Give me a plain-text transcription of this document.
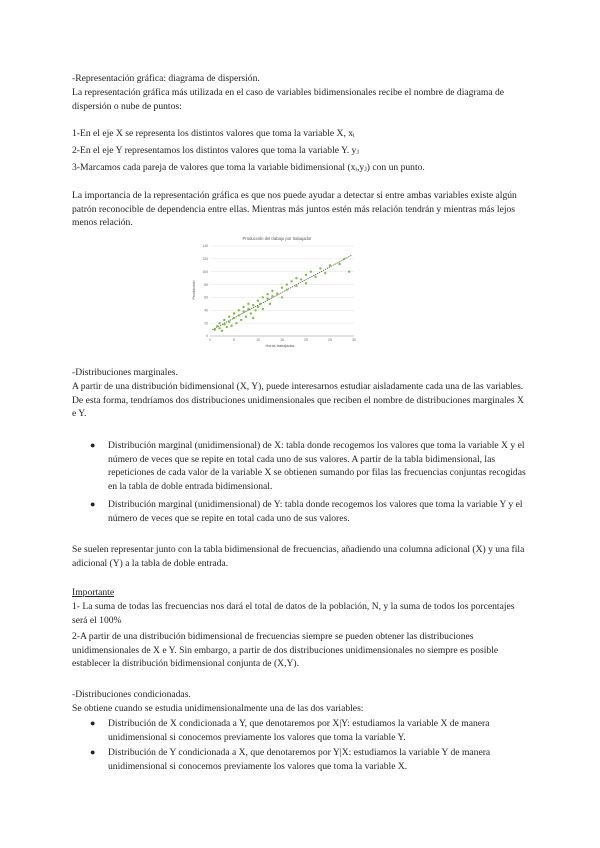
-Representación gráfica: diagrama de dispersión.
La representación gráfica más utilizada en el caso de variables bidimensionales recibe el nombre de diagrama de dispersión o nube de puntos:
1-En el eje X se representa los distintos valores que toma la variable X, xᵢ
2-En el eje Y representamos los distintos valores que toma la variable Y. yⱼ
3-Marcamos cada pareja de valores que toma la variable bidimensional (xᵢ,yⱼ) con un punto.
La importancia de la representación gráfica es que nos puede ayudar a detectar si entre ambas variables existe algún patrón reconocible de dependencia entre ellas. Mientras más juntos estén más relación tendrán y mientras más lejos menos relación.
Producción del trabajo por trabajador
140
120
100
80
60
40
20
0
0	5	10	15	20	25	30
Producción
Horas trabajadas
-Distribuciones marginales.
A partir de una distribución bidimensional (X, Y), puede interesarnos estudiar aisladamente cada una de las variables. De esta forma, tendríamos dos distribuciones unidimensionales que reciben el nombre de distribuciones marginales X e Y.
● Distribución marginal (unidimensional) de X: tabla donde recogemos los valores que toma la variable X y el número de veces que se repite en total cada uno de sus valores. A partir de la tabla bidimensional, las repeticiones de cada valor de la variable X se obtienen sumando por filas las frecuencias conjuntas recogidas en la tabla de doble entrada bidimensional.
● Distribución marginal (unidimensional) de Y: tabla donde recogemos los valores que toma la variable Y y el número de veces que se repite en total cada uno de sus valores.
Se suelen representar junto con la tabla bidimensional de frecuencias, añadiendo una columna adicional (X) y una fila adicional (Y) a la tabla de doble entrada.
Importante
1- La suma de todas las frecuencias nos dará el total de datos de la población, N, y la suma de todos los porcentajes será el 100%
2-A partir de una distribución bidimensional de frecuencias siempre se pueden obtener las distribuciones unidimensionales de X e Y. Sin embargo, a partir de dos distribuciones unidimensionales no siempre es posible establecer la distribución bidimensional conjunta de (X,Y).
-Distribuciones condicionadas.
Se obtiene cuando se estudia unidimensionalmente una de las dos variables:
● Distribución de X condicionada a Y, que denotaremos por X|Y: estudiamos la variable X de manera unidimensional si conocemos previamente los valores que toma la variable Y.
● Distribución de Y condicionada a X, que denotaremos por Y|X: estudiamos la variable Y de manera unidimensional si conocemos previamente los valores que toma la variable X.
